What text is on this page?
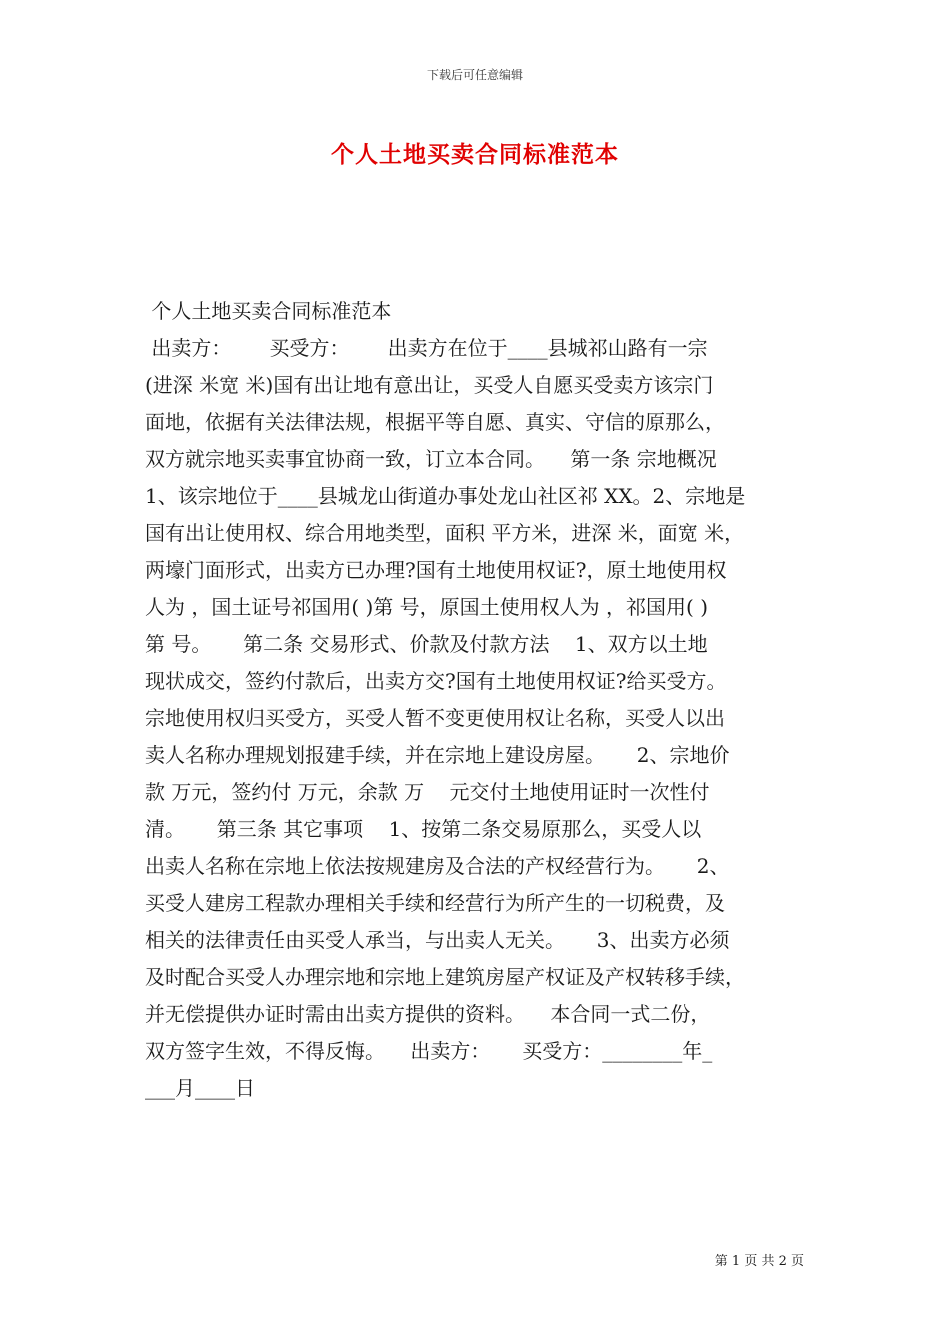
下载后可任意编辑
个人土地买卖合同标准范本
个人土地买卖合同标准范本
出卖方：      买受方：      出卖方在位于____县城祁山路有一宗
(进深 米宽 米)国有出让地有意出让，买受人自愿买受卖方该宗门
面地，依据有关法律法规，根据平等自愿、真实、守信的原那么，
双方就宗地买卖事宜协商一致，订立本合同。    第一条 宗地概况
1、该宗地位于____县城龙山街道办事处龙山社区祁 XX。2、宗地是
国有出让使用权、综合用地类型，面积 平方米，进深 米，面宽 米，
两壕门面形式，出卖方已办理?国有土地使用权证?，原土地使用权
人为 ，国土证号祁国用( )第 号，原国土使用权人为 ，祁国用( )
第 号。     第二条 交易形式、价款及付款方法    1、双方以土地
现状成交，签约付款后，出卖方交?国有土地使用权证?给买受方。
宗地使用权归买受方，买受人暂不变更使用权让名称，买受人以出
卖人名称办理规划报建手续，并在宗地上建设房屋。     2、宗地价
款 万元，签约付 万元，余款 万    元交付土地使用证时一次性付
清。     第三条 其它事项    1、按第二条交易原那么，买受人以
出卖人名称在宗地上依法按规建房及合法的产权经营行为。     2、
买受人建房工程款办理相关手续和经营行为所产生的一切税费，及
相关的法律责任由买受人承当，与出卖人无关。     3、出卖方必须
及时配合买受人办理宗地和宗地上建筑房屋产权证及产权转移手续，
并无偿提供办证时需由出卖方提供的资料。    本合同一式二份，
双方签字生效，不得反悔。    出卖方：     买受方：________年_
___月____日
第 1 页 共 2 页
